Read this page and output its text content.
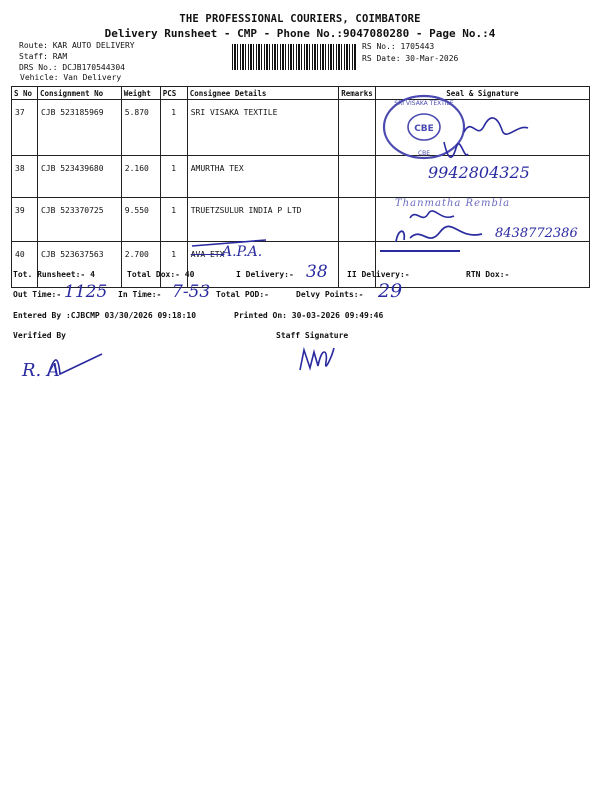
THE PROFESSIONAL COURIERS, COIMBATORE
Delivery Runsheet - CMP - Phone No.:9047080280 - Page No.:4
Route: KAR AUTO DELIVERY
Staff: RAM
DRS No.: DCJB170544304
Vehicle: Van Delivery
RS No.: 1705443
RS Date: 30-Mar-2026
S No	Consignment No	Weight	PCS	Consignee Details	Remarks	Seal & Signature
37	CJB 523185969	5.870	1	SRI VISAKA TEXTILE		
38	CJB 523439680	2.160	1	AMURTHA TEX		
39	CJB 523370725	9.550	1	TRUETZSULUR INDIA P LTD		
40	CJB 523637563	2.700	1	AVA ETX		
CBE
SRI VISAKA TEXTILE
CBE
9942804325
Thanmatha Rembla
8438772386
A.P.A.
Tot. Runsheet:- 4	Total Dox:- 40	I Delivery:- 38 II Delivery:-	RTN Dox:-
Out Time:- 1125 In Time:- 7-53 Total POD:-	Delvy Points:- 29
Entered By :CJBCMP 03/30/2026 09:18:10	Printed On: 30-03-2026 09:49:46
Verified By	Staff Signature
R. A
